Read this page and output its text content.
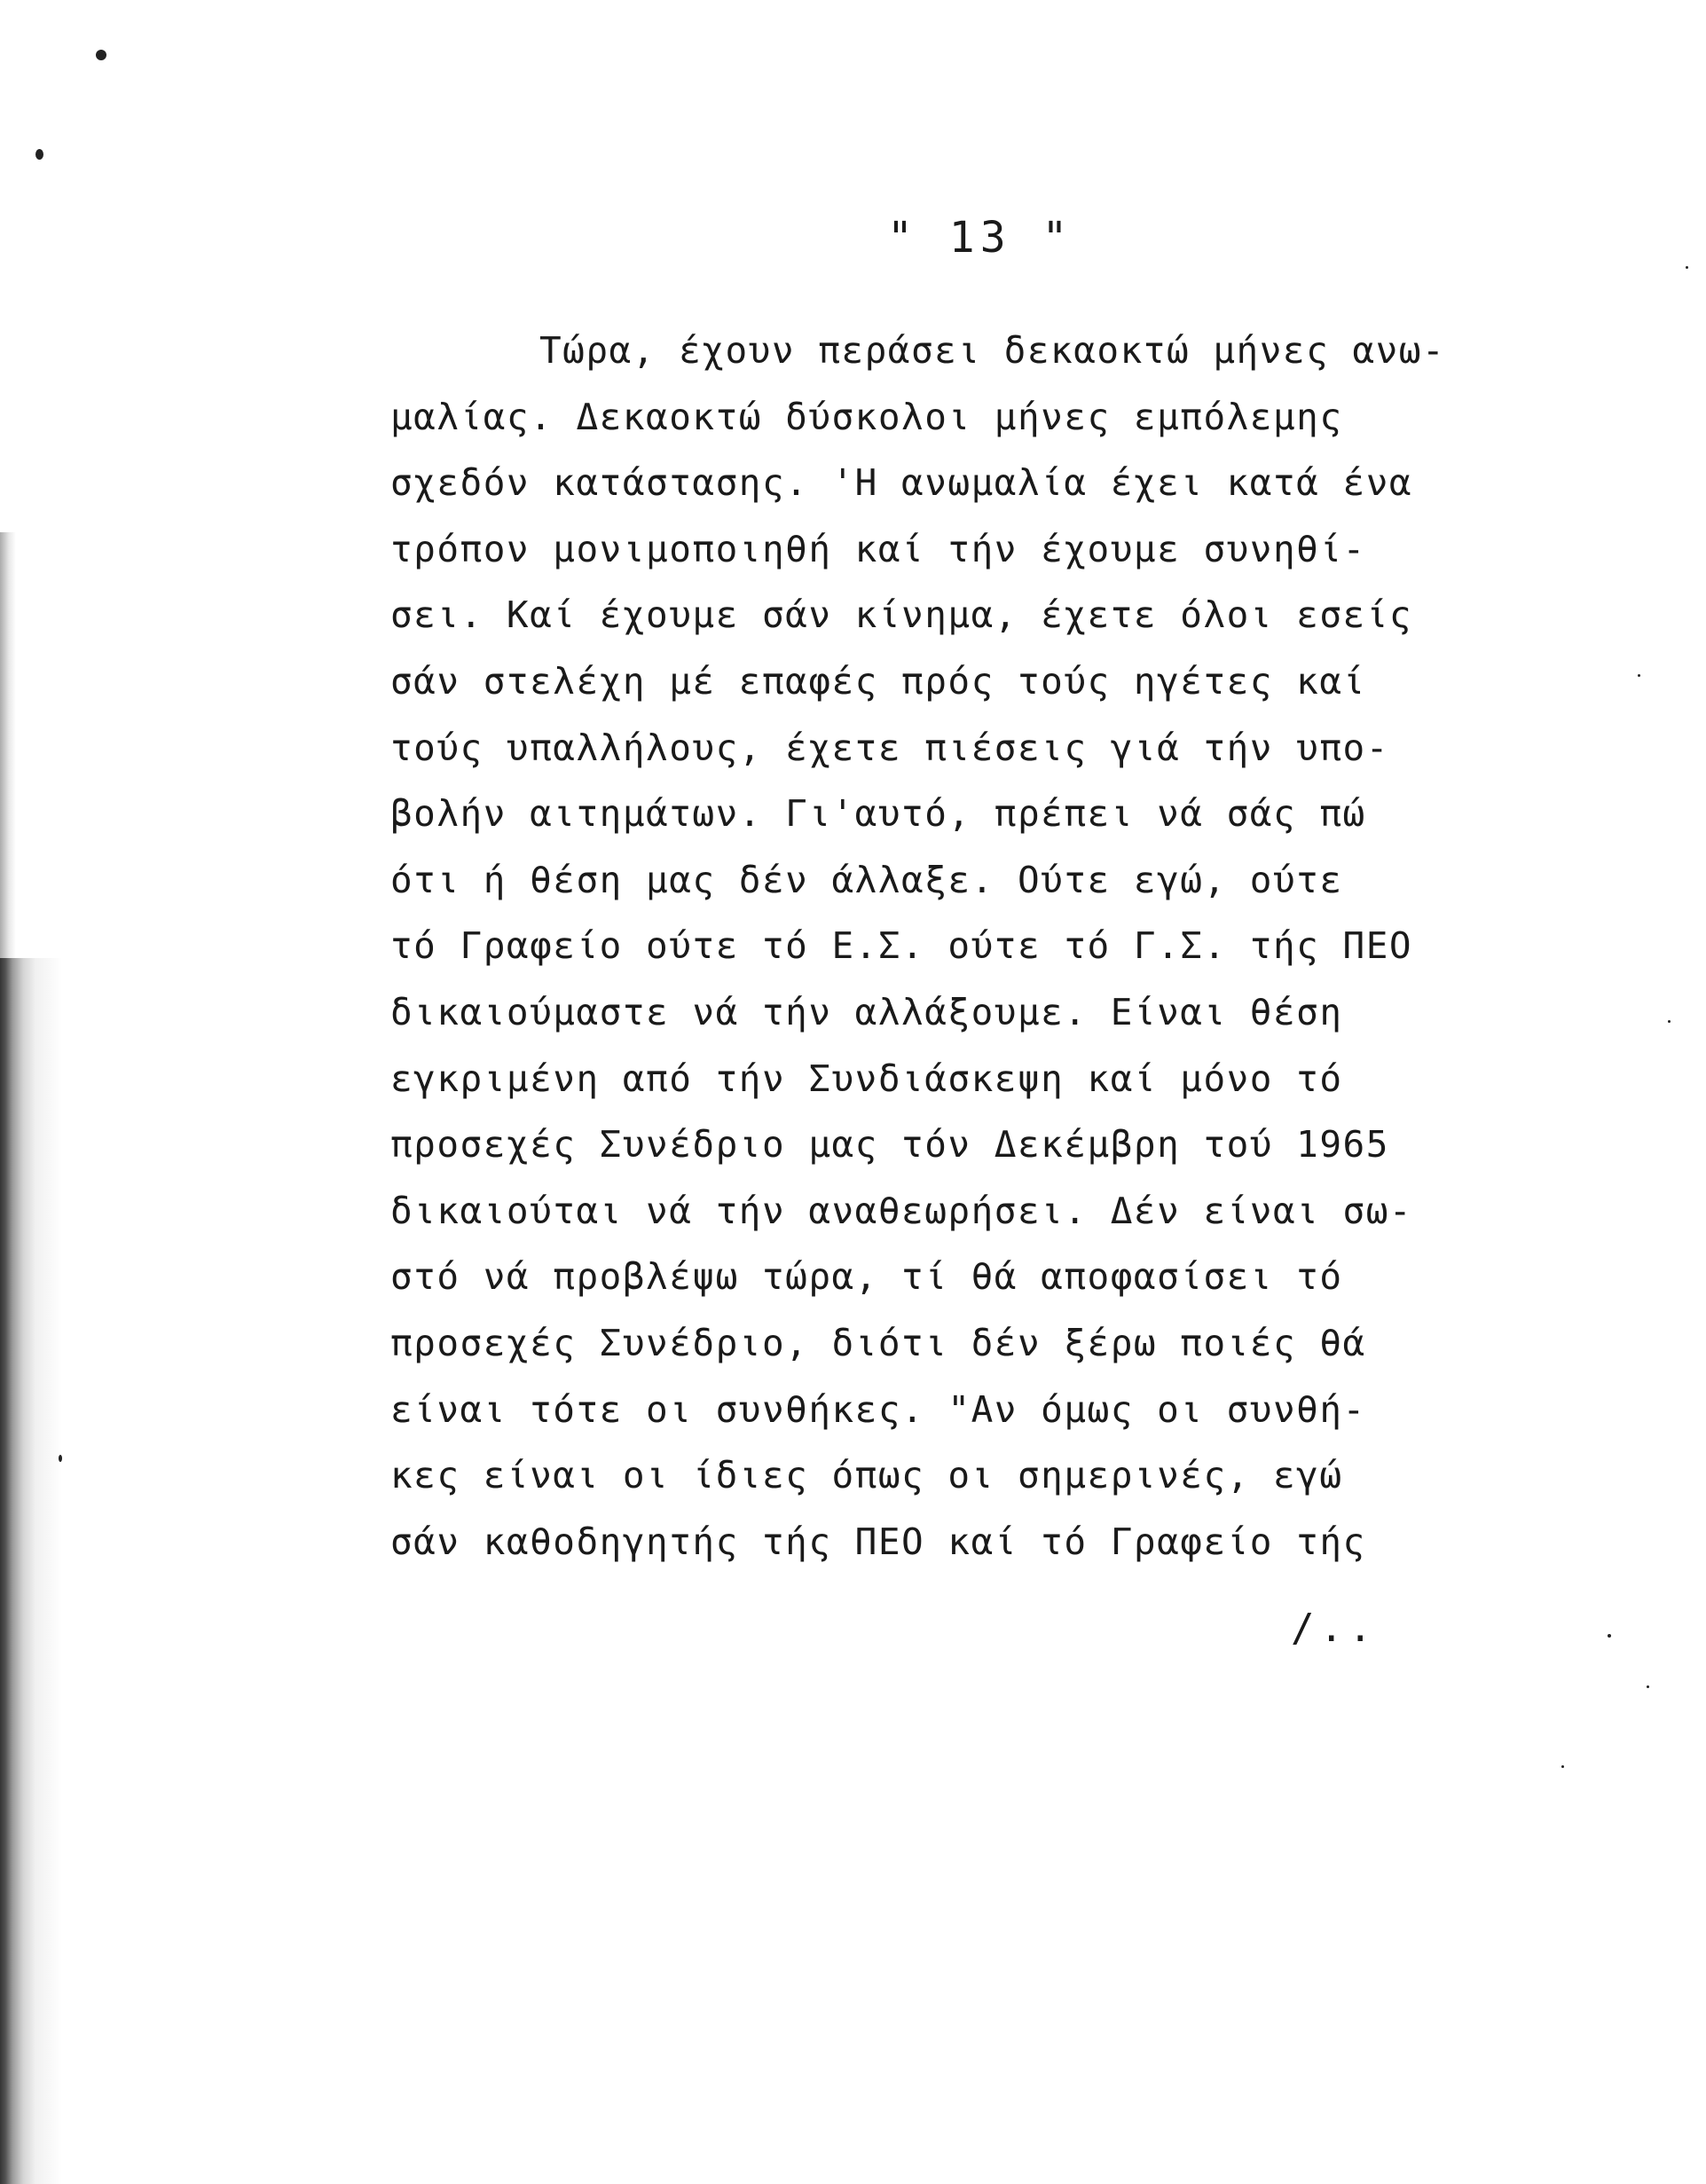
" 13 "
Τώρα, έχουν περάσει δεκαοκτώ μήνες ανω-
μαλίας. Δεκαοκτώ δύσκολοι μήνες εμπόλεμης
σχεδόν κατάστασης. 'Η ανωμαλία έχει κατά ένα
τρόπον μονιμοποιηθή καί τήν έχουμε συνηθί-
σει. Καί έχουμε σάν κίνημα, έχετε όλοι εσείς
σάν στελέχη μέ επαφές πρός τούς ηγέτες καί
τούς υπαλλήλους, έχετε πιέσεις γιά τήν υπο-
βολήν αιτημάτων. Γι'αυτό, πρέπει νά σάς πώ
ότι ή θέση μας δέν άλλαξε. Ούτε εγώ, ούτε
τό Γραφείο ούτε τό Ε.Σ. ούτε τό Γ.Σ. τής ΠΕΟ
δικαιούμαστε νά τήν αλλάξουμε. Είναι θέση
εγκριμένη από τήν Συνδιάσκεψη καί μόνο τό
προσεχές Συνέδριο μας τόν Δεκέμβρη τού 1965
δικαιούται νά τήν αναθεωρήσει. Δέν είναι σω-
στό νά προβλέψω τώρα, τί θά αποφασίσει τό
προσεχές Συνέδριο, διότι δέν ξέρω ποιές θά
είναι τότε οι συνθήκες. "Αν όμως οι συνθή-
κες είναι οι ίδιες όπως οι σημερινές, εγώ
σάν καθοδηγητής τής ΠΕΟ καί τό Γραφείο τής
/..
